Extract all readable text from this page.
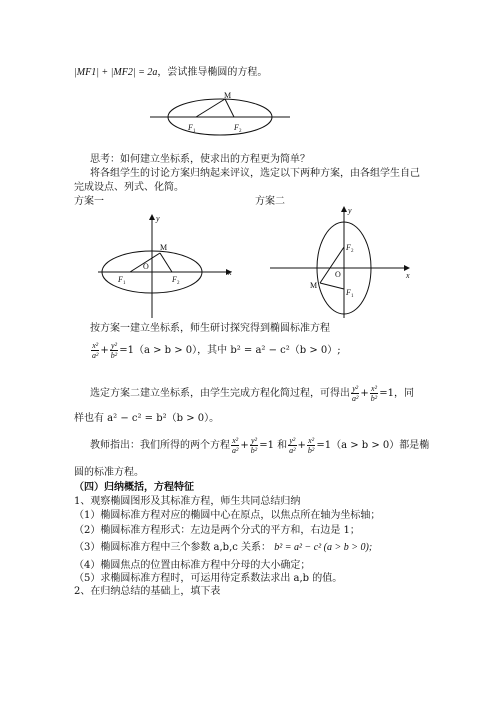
|MF1| + |MF2| = 2a，尝试推导椭圆的方程。
M
F 1	F 2
思考：如何建立坐标系，使求出的方程更为简单？
将各组学生的讨论方案归纳起来评议，选定以下两种方案，由各组学生自己
完成设点、列式、化简。
方案一	方案二
x
y
O
M
F 1	F 2
x
y
O
M
F 2
F 1
按方案一建立坐标系，师生研讨探究得到椭圆标准方程
$\frac{\text{x²}}{\text{a²}} + \frac{\text{y²}}{\text{b²}} =1(a > b > 0)$，其中 b² = a² − c²（b > 0）;
选定方案二建立坐标系，由学生完成方程化简过程，可得出 $\frac{\text{y²}}{\text{a²}} + \frac{\text{x²}}{\text{b²}} =1$，同
样也有 a² − c² = b²（b > 0）。
教师指出：我们所得的两个方程 $\frac{\text{x²}}{\text{a²}} + \frac{\text{y²}}{\text{b²}} =1$ 和 $\frac{\text{y²}}{\text{a²}} + \frac{\text{x²}}{\text{b²}} =1(a > b > 0)$都是椭
圆的标准方程。
（四）归纳概括，方程特征
1、观察椭圆图形及其标准方程，师生共同总结归纳
（1）椭圆标准方程对应的椭圆中心在原点，以焦点所在轴为坐标轴；
（2）椭圆标准方程形式：左边是两个分式的平方和，右边是 1；
（3）椭圆标准方程中三个参数 a,b,c 关系： b² = a² − c² (a > b > 0);
（4）椭圆焦点的位置由标准方程中分母的大小确定；
（5）求椭圆标准方程时，可运用待定系数法求出 a,b 的值。
2、在归纳总结的基础上，填下表
